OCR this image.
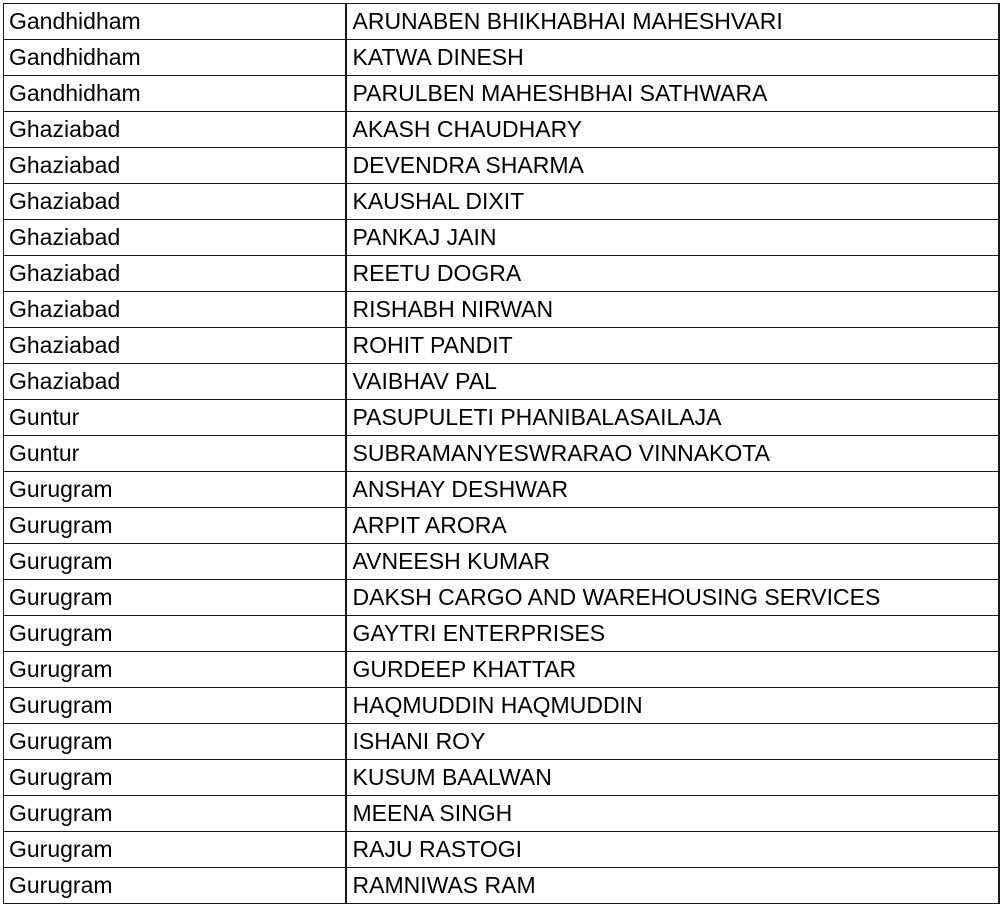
Gandhidham	ARUNABEN BHIKHABHAI MAHESHVARI
Gandhidham	KATWA DINESH
Gandhidham	PARULBEN MAHESHBHAI SATHWARA
Ghaziabad	AKASH CHAUDHARY
Ghaziabad	DEVENDRA SHARMA
Ghaziabad	KAUSHAL DIXIT
Ghaziabad	PANKAJ JAIN
Ghaziabad	REETU DOGRA
Ghaziabad	RISHABH NIRWAN
Ghaziabad	ROHIT PANDIT
Ghaziabad	VAIBHAV PAL
Guntur	PASUPULETI PHANIBALASAILAJA
Guntur	SUBRAMANYESWRARAO VINNAKOTA
Gurugram	ANSHAY DESHWAR
Gurugram	ARPIT ARORA
Gurugram	AVNEESH KUMAR
Gurugram	DAKSH CARGO AND WAREHOUSING SERVICES
Gurugram	GAYTRI ENTERPRISES
Gurugram	GURDEEP KHATTAR
Gurugram	HAQMUDDIN HAQMUDDIN
Gurugram	ISHANI ROY
Gurugram	KUSUM BAALWAN
Gurugram	MEENA SINGH
Gurugram	RAJU RASTOGI
Gurugram	RAMNIWAS RAM
